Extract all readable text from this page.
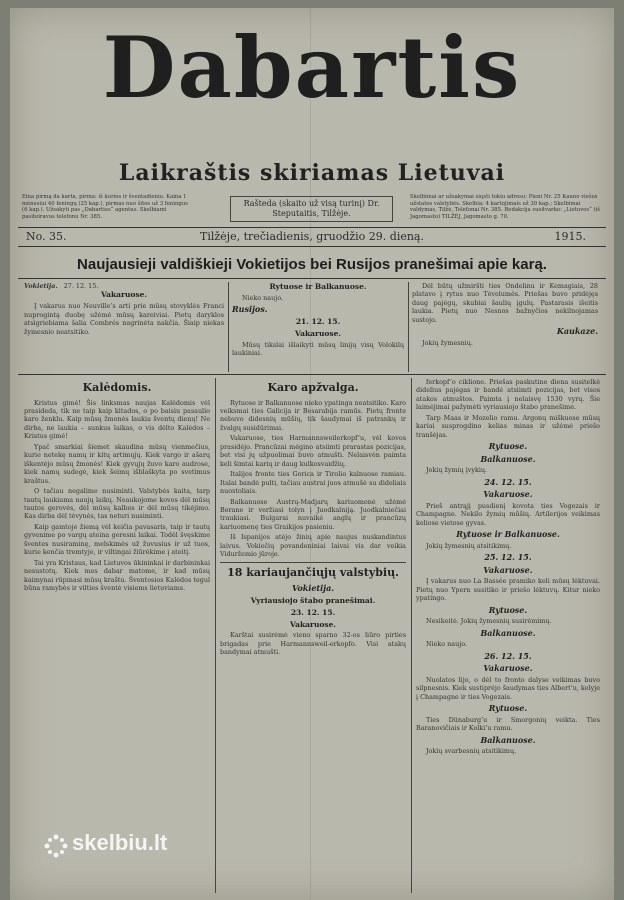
Dabartis
Laikraštis skiriamas Lietuvai
Eina pirmą da karta, pirma: iš kurios ir šventadienio. Kaina 1 mėnesiui 40 feningų (25 kap.), pirmas nuo šitos už 3 feningus (6 kap.). Užsakyti pas „Dabarties“ agentus. Skelbiami pasiteiravus telefonu Nr. 385.
Rašteda (skaito už visą turinį) Dr. Steputaitis, Tilžėje.
Skelbimai ar užsakymai siųsti tokiu adresu: Pieni Nr. 25 Kauno viešos užstatos valstybės. Skelbia: 4 kartojimais už 30 kap.; Skelbimai valdymas, Tilžė, Telefonai Nr. 385. Redakcija susitvarko: „Lietuvos“ (iš Jagomasto) TILŽĖJ, Jagomasto g. 70.
No. 35.	Tilžėje, trečiadienis, gruodžio 29. dieną.	1915.
Naujausieji valdiškieji Vokietijos bei Rusijos pranešimai apie karą.
Vokietija. 27. 12. 15.

Vakaruose.

Į vakarus nuo Neuville’s arti prie mūsų stovyklės Franci nuprogintą duobę užėmė mūsų kareiviai. Pietų daryklos atsigriebiama šalia Combrés nagrinėta nakčia. Šiaip niekas žymesnio neatsitiko.

Rytuose ir Balkanuose.

Nieko naujo.

Rusijos.

21. 12. 15.

Vakaruose.

Mūsų tikslai išlaikyti mūsų linijų visų Volokilų laukiniai.

Dėl būtų užmiršti ties Ondelinu ir Kemagiais, 28 platavo į rytus nuo Tėvelumės. Priešas buvo pridėjęs daug pajėgų, skubiai šaulių įgulų. Pastarasis išeitis laukia. Pietų nuo Nesnos bažnyčios nekilnojamas sustojo.

Kaukaze.

Jokių žymesnių.

Kalėdomis.

Kristus gimė! Šis linksmas naujas Kalėdomis vėl prasideda, tik ne taip kaip kitados, o po baisiu pasaulio karo ženklu. Kaip mūsų žmonės laukia šventų dienų! Ne dirba, ne laukia – sunkus laikas, o vis dėlto Kalėdos – Kristus gimė!

Ypač smarkiai šiemet skaudina mūsų vienmečius, kurie netekę namų ir kitų artimųjų. Kiek vargo ir ašarų iškentėjo mūsų žmonės! Kiek gyvųjų žuvo karo audrose, kiek namų sudegė, kiek šeimų išblaškyta po svetimus kraštus.

O tačiau negalime nusiminti. Valstybės kaita, tarp tautų laukiama naujų laikų. Neaukojome kovos dėl mūsų tautos gerovės, dėl mūsų kalbos ir dėl mūsų tikėjimo. Kas dirba dėl tėvynės, tas neturi nusiminti.

Kaip gamtoje žiemą vėl keičia pavasaris, taip ir tautų gyvenime po vargų ateina geresni laikai. Todėl švęskime šventes nusiraminę, melskimės už žuvusius ir už tuos, kurie kenčia tremtyje, ir viltingai žiūrėkime į ateitį.

Tai yra Kristaus, kad Lietuvos ūkininkai ir darbininkai nesustotų. Kiek mes dabar matome, ir kad mūsų kaimynai rūpinasi mūsų kraštu. Šventosios Kalėdos tegul būna ramybės ir vilties šventė visiems lietuviams.

Karo apžvalga.

Rytuose ir Balkanuose nieko ypatinga neatsitiko. Karo veiksmai ties Galicija ir Besarabija ramūs. Pietų fronte nebuvo didesnių mūšių, tik šaudymai iš patrankų ir žvalgų susidūrimai.

Vakaruose, ties Harmannsweilerkopf’u, vėl kovos prasidėjo. Prancūzai mėgino atsiimti prarastas pozicijas, bet visi jų užpuolimai buvo atmušti. Nelaisvėn paimta keli šimtai karių ir daug kulkosvaidžių.

Italijos fronte ties Gorica ir Tirolio kalnuose ramiau. Italai bandė pulti, tačiau austrai juos atmušė su dideliais nuostoliais.

Balkanuose Austrų-Madjarų kariuomenė užėmė Berane ir veržiasi tolyn į Juodkalniją. Juodkalniečiai traukiasi. Bulgarai nuvaikė anglų ir prancūzų kariuomenę ties Graikijos pasieniu.

Iš Ispanijos atėjo žinių apie naujus nuskandintus laivus. Vokiečių povandeniniai laivai vis dar veikia Viduržemio jūroje.

18 kariaujančiųjų valstybių.

Vokietija.

Vyriausiojo štabo pranešimai.

23. 12. 15.

Vakaruose.

Karštai susirėmė vieno sparno 32-os liūro pirties brigadas prie Harmannsweil-erkopfo. Visi atakų bandymai atmušti.

ferkopf’o ciklione. Priešas paskutine diena susitelkė didelius pajėgas ir bandė atsiimti pozicijas, bet visos atakos atmuštos. Paimta į nelaisvę 1530 vyrų. Šie laimėjimai pažymėti vyriausiojo štabo pranešime.

Tarp Maas ir Mozelio ramu. Argonų miškuose mūsų kariai susprogdino kelias minas ir užėmė priešo tranšėjas.

Rytuose.

Balkanuose.

Jokių žymių įvykių.

24. 12. 15.

Vakaruose.

Prieš antrąjį pusdienį kovota ties Vogezais ir Champagne. Nekilo žymių mūšių. Artilerijos veikimas keliose vietose gyvas.

Rytuose ir Balkanuose.

Jokių žymesnių atsitikimų.

25. 12. 15.

Vakaruose.

Į vakarus nuo La Bassée pramiko keli mūsų lėktuvai. Pietų nuo Ypern susitiko ir priešo lėktuvų. Kitur nieko ypatingo.

Rytuose.

Nesikeitė. Jokių žymesnių susirėmimų.

Balkanuose.

Nieko naujo.

26. 12. 15.

Vakaruose.

Nuolatos lijo, o dėl to fronto dalyse veikimas buvo silpnesnis. Kiek sustiprėjo šaudymas ties Albert’u, kelyje į Champagne ir ties Vogezais.

Rytuose.

Ties Dünaburg’u ir Smorgonių veikta. Ties Baranovičiais ir Kolki’u ramu.

Balkanuose.

Jokių svarbesnių atsitikimų.

skelbiu.lt
